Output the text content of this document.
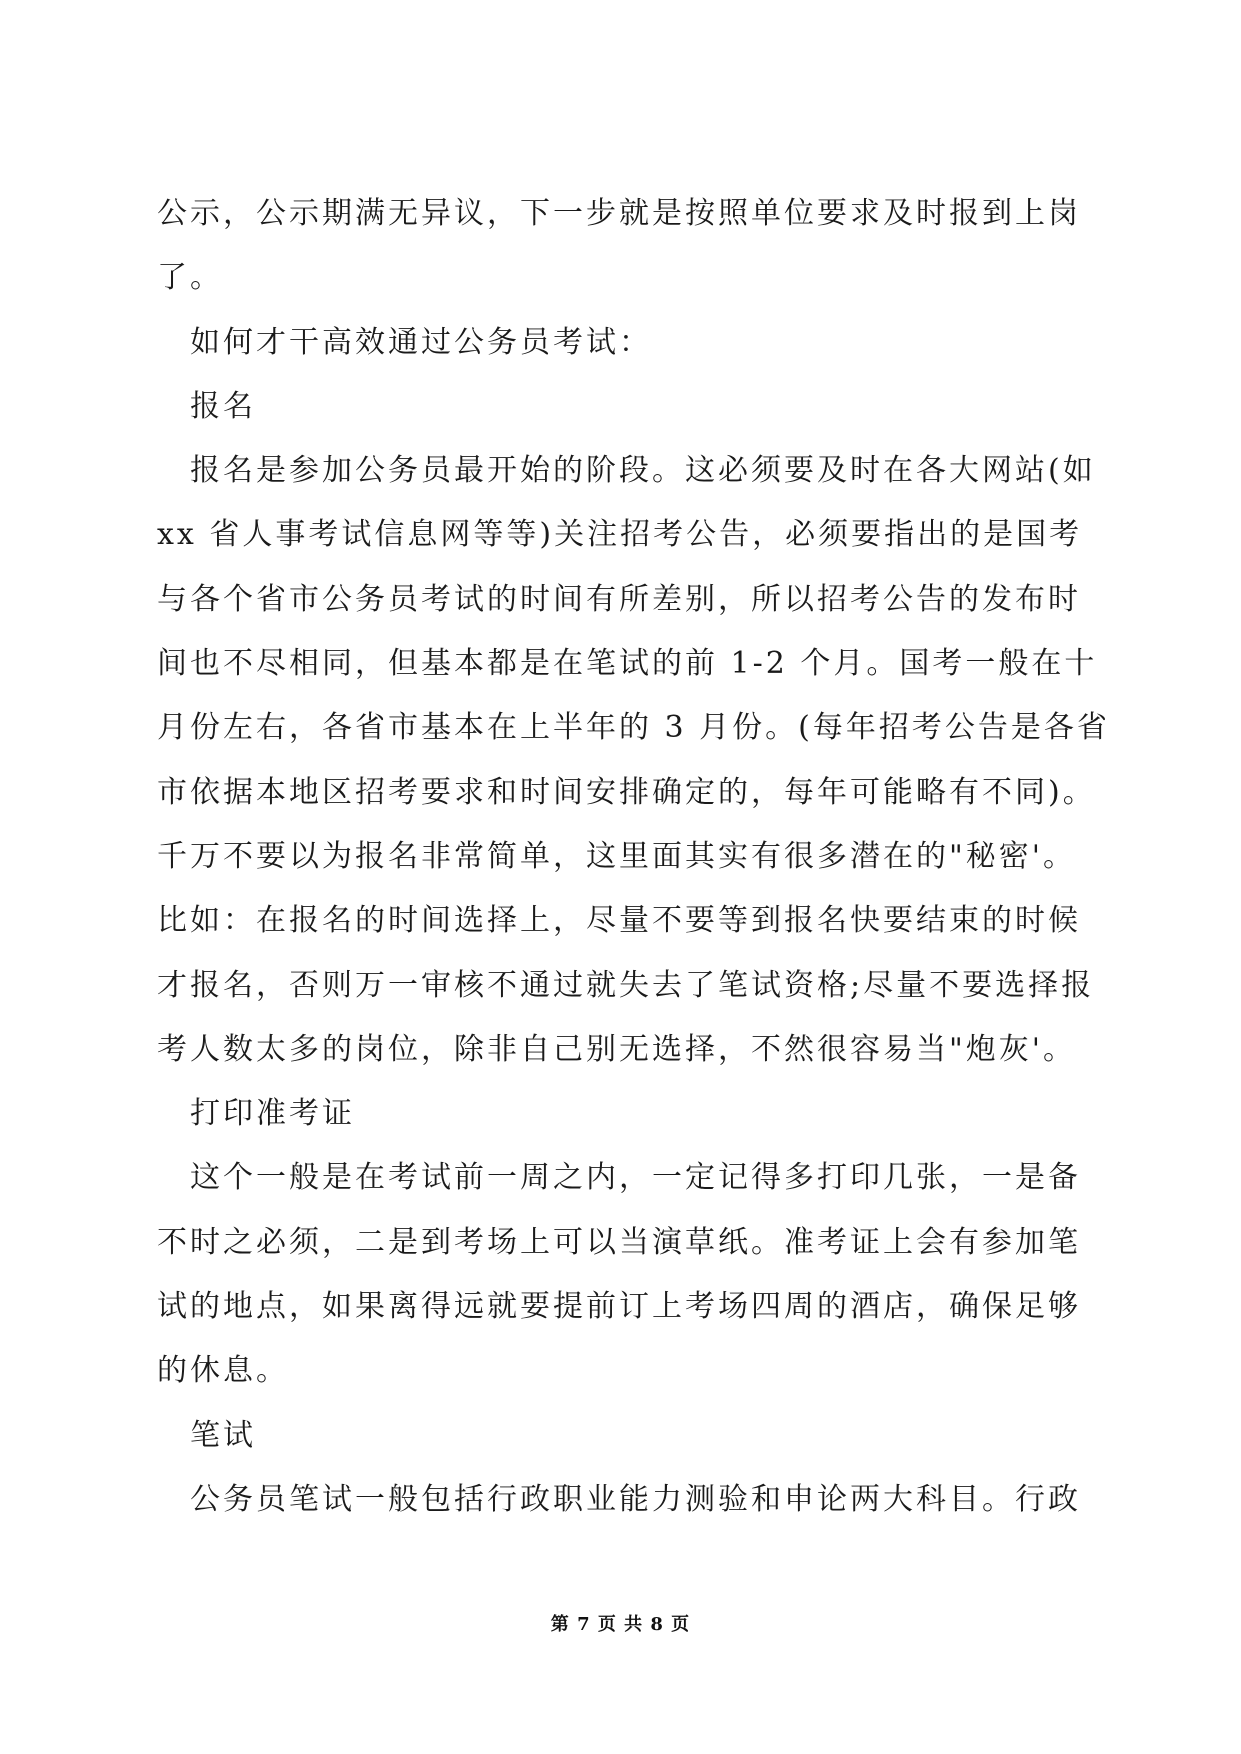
公示，公示期满无异议，下一步就是按照单位要求及时报到上岗
了。
如何才干高效通过公务员考试：
报名
报名是参加公务员最开始的阶段。这必须要及时在各大网站(如
xx 省人事考试信息网等等)关注招考公告，必须要指出的是国考
与各个省市公务员考试的时间有所差别，所以招考公告的发布时
间也不尽相同，但基本都是在笔试的前 1-2 个月。国考一般在十
月份左右，各省市基本在上半年的 3 月份。(每年招考公告是各省
市依据本地区招考要求和时间安排确定的，每年可能略有不同)。
千万不要以为报名非常简单，这里面其实有很多潜在的"秘密'。
比如：在报名的时间选择上，尽量不要等到报名快要结束的时候
才报名，否则万一审核不通过就失去了笔试资格;尽量不要选择报
考人数太多的岗位，除非自己别无选择，不然很容易当"炮灰'。
打印准考证
这个一般是在考试前一周之内，一定记得多打印几张，一是备
不时之必须，二是到考场上可以当演草纸。准考证上会有参加笔
试的地点，如果离得远就要提前订上考场四周的酒店，确保足够
的休息。
笔试
公务员笔试一般包括行政职业能力测验和申论两大科目。行政
第 7 页 共 8 页
